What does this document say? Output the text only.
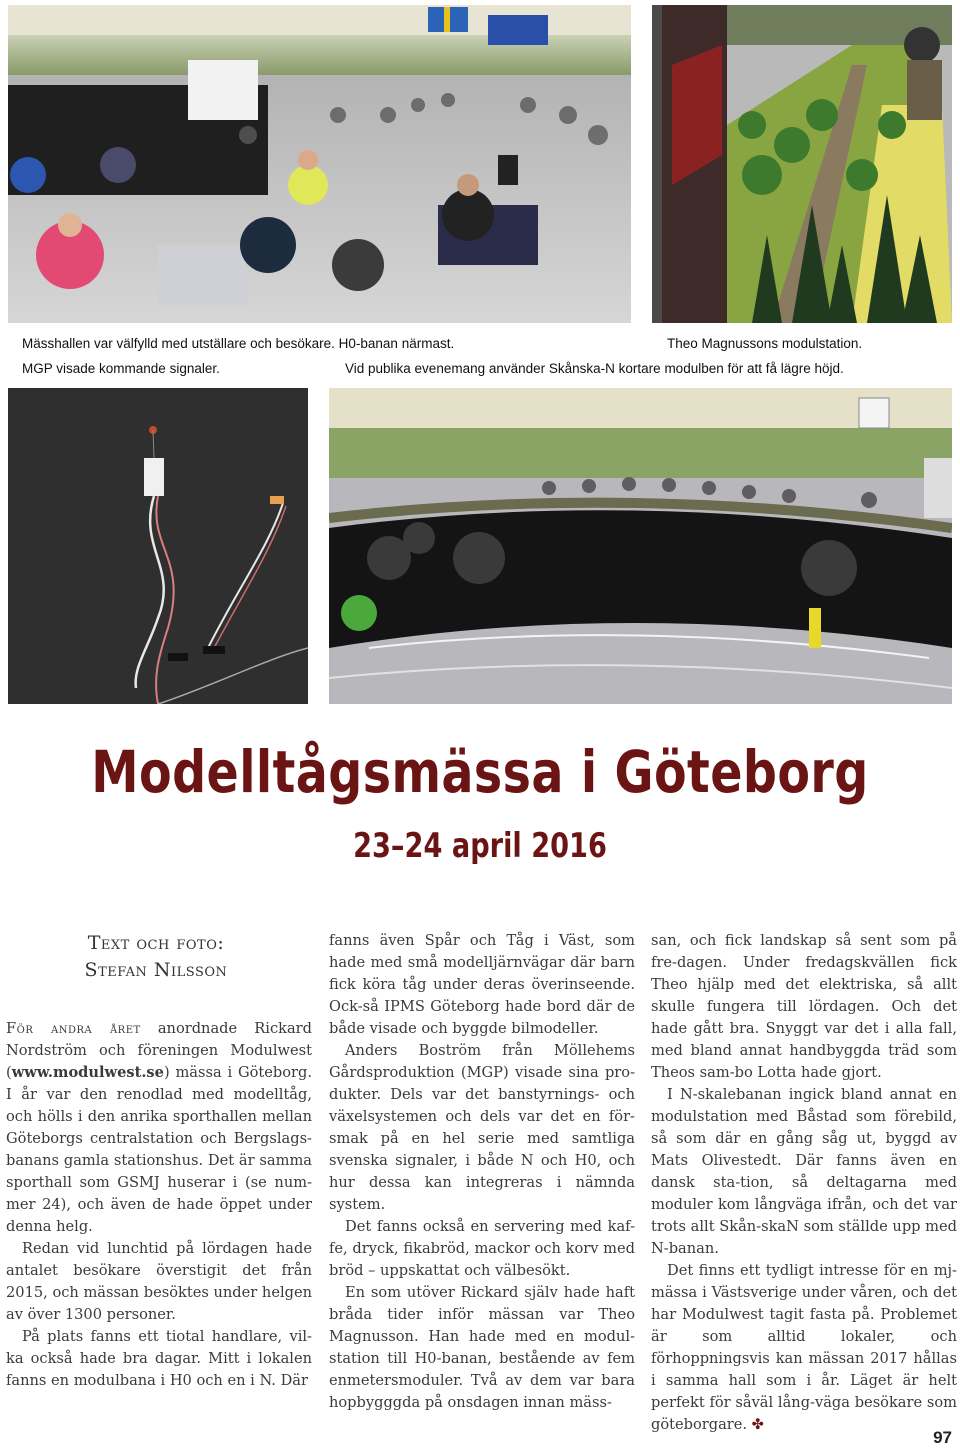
Mässhallen var välfylld med utställare och besökare. H0-banan närmast.	Theo Magnussons modulstation.
MGP visade kommande signaler.	Vid publika evenemang använder Skånska-N kortare modulben för att få lägre höjd.
Modelltågsmässa i Göteborg
23–24 april 2016
Text och foto:
Stefan Nilsson

För andra året anordnade Rickard Nordström och föreningen Modulwest (www.modulwest.se) mässa i Göteborg. I år var den renodlad med modelltåg, och hölls i den anrika sporthallen mellan Göteborgs centralstation och Bergslags-banans gamla stationshus. Det är samma sporthall som GSMJ huserar i (se num-mer 24), och även de hade öppet under denna helg.

Redan vid lunchtid på lördagen hade antalet besökare överstigit det från 2015, och mässan besöktes under helgen av över 1300 personer.

På plats fanns ett tiotal handlare, vil-ka också hade bra dagar. Mitt i lokalen fanns en modulbana i H0 och en i N. Där

fanns även Spår och Tåg i Väst, som hade med små modelljärnvägar där barn fick köra tåg under deras överinseende. Ock-så IPMS Göteborg hade bord där de både visade och byggde bilmodeller.

Anders Boström från Möllehems Gårdsproduktion (MGP) visade sina pro-dukter. Dels var det banstyrnings- och växelsystemen och dels var det en för-smak på en hel serie med samtliga svenska signaler, i både N och H0, och hur dessa kan integreras i nämnda system.

Det fanns också en servering med kaf-fe, dryck, fikabröd, mackor och korv med bröd – uppskattat och välbesökt.

En som utöver Rickard själv hade haft bråda tider inför mässan var Theo Magnusson. Han hade med en modul-station till H0-banan, bestående av fem enmetersmoduler. Två av dem var bara hopbygggda på onsdagen innan mäss-

san, och fick landskap så sent som på fre-dagen. Under fredagskvällen fick Theo hjälp med det elektriska, så allt skulle fungera till lördagen. Och det hade gått bra. Snyggt var det i alla fall, med bland annat handbyggda träd som Theos sam-bo Lotta hade gjort.

I N-skalebanan ingick bland annat en modulstation med Båstad som förebild, så som där en gång såg ut, byggd av Mats Olivestedt. Där fanns även en dansk sta-tion, så deltagarna med moduler kom långväga ifrån, och det var trots allt Skån-skaN som ställde upp med N-banan.

Det finns ett tydligt intresse för en mj-mässa i Västsverige under våren, och det har Modulwest tagit fasta på. Problemet är som alltid lokaler, och förhoppningsvis kan mässan 2017 hållas i samma hall som i år. Läget är helt perfekt för såväl lång-väga besökare som göteborgare. ✤

97
